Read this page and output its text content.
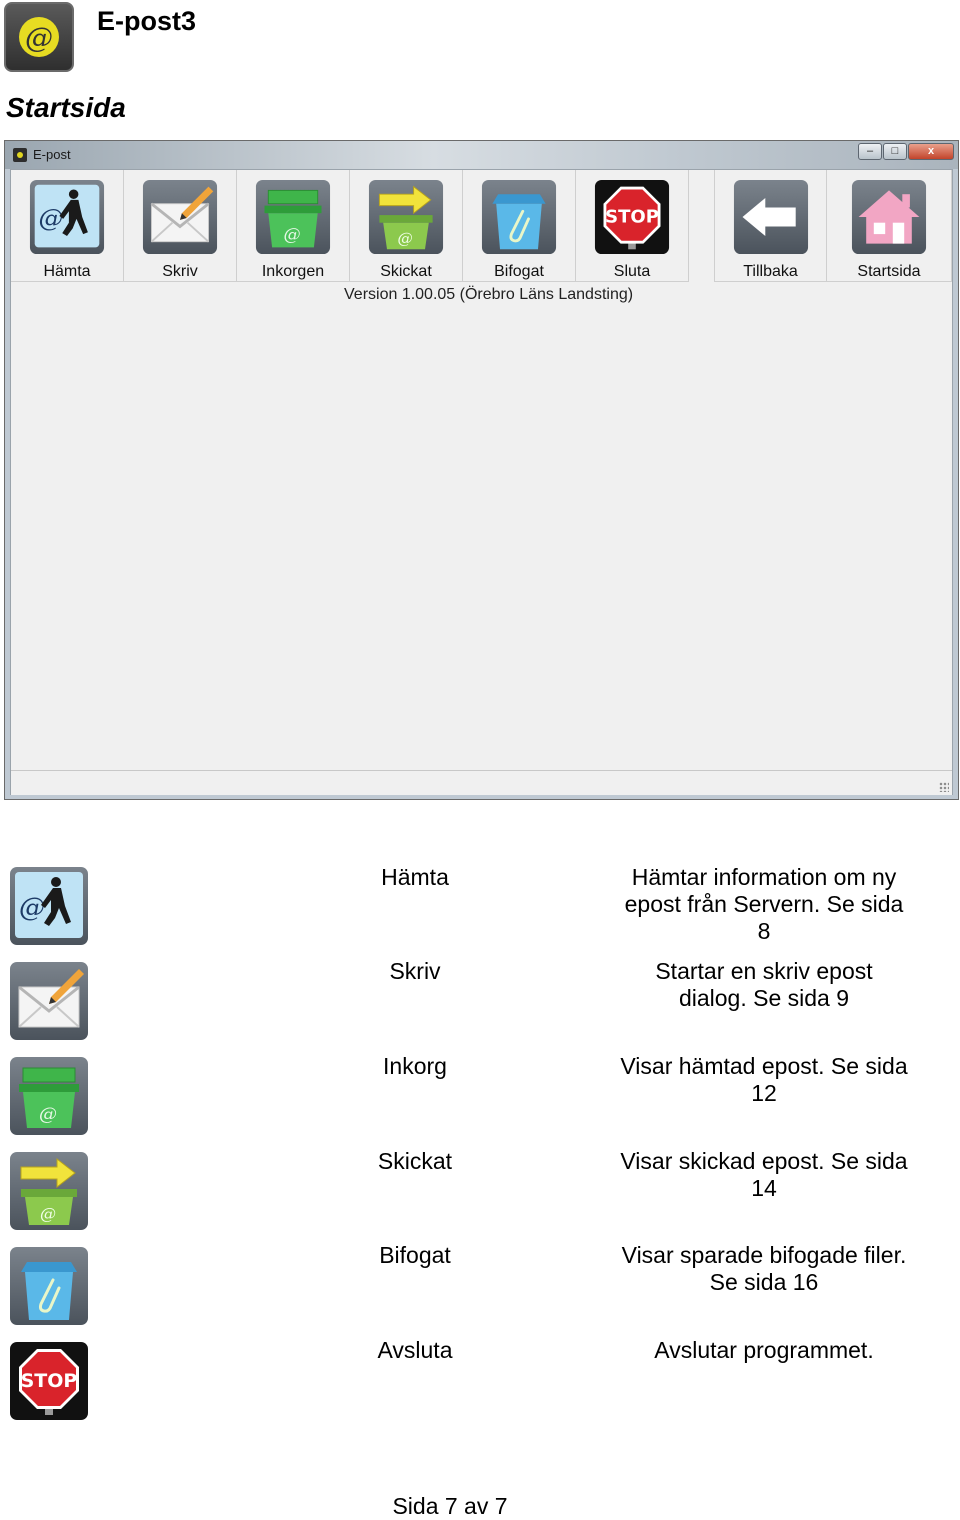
@ E-post3
Startsida
E-post	–	□	x
Hämta	Skriv	Inkorgen	Skickat	Bifogat	Sluta	Tillbaka	Startsida
Version 1.00.05 (Örebro Läns Landsting)
Hämta	Hämtar information om ny epost från Servern. Se sida 8
Skriv	Startar en skriv epost dialog. Se sida 9
Inkorg	Visar hämtad epost. Se sida 12
Skickat	Visar skickad epost. Se sida 14
Bifogat	Visar sparade bifogade filer. Se sida 16
Avsluta	Avslutar programmet.
Sida 7 av 7
